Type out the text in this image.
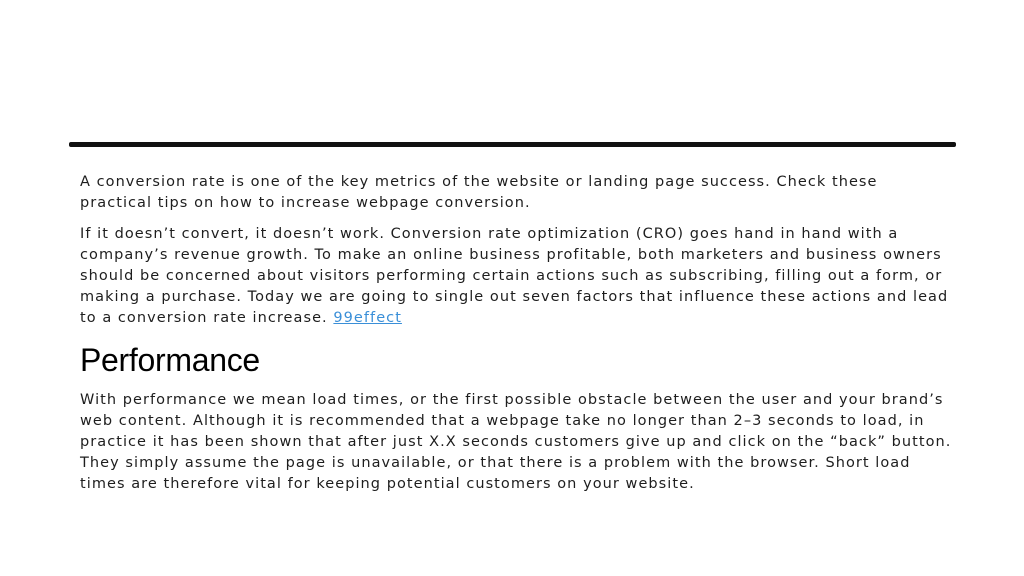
A conversion rate is one of the key metrics of the website or landing page success. Check these practical tips on how to increase webpage conversion.

If it doesn’t convert, it doesn’t work. Conversion rate optimization (CRO) goes hand in hand with a company’s revenue growth. To make an online business profitable, both marketers and business owners should be concerned about visitors performing certain actions such as subscribing, filling out a form, or making a purchase. Today we are going to single out seven factors that influence these actions and lead to a conversion rate increase. 99effect

Performance

With performance we mean load times, or the first possible obstacle between the user and your brand’s web content. Although it is recommended that a webpage take no longer than 2–3 seconds to load, in practice it has been shown that after just X.X seconds customers give up and click on the “back” button. They simply assume the page is unavailable, or that there is a problem with the browser. Short load times are therefore vital for keeping potential customers on your website.
